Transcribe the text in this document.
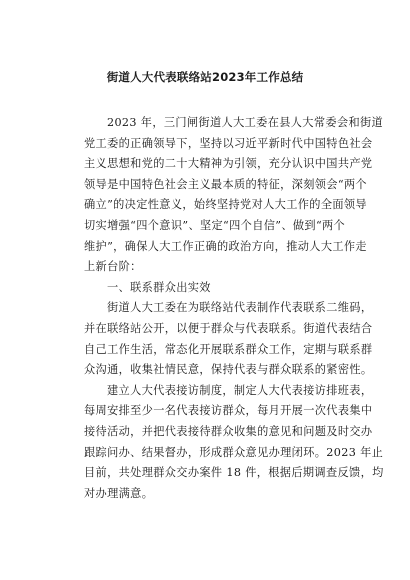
街道人大代表联络站2023年工作总结
2023 年，三门闸街道人大工委在县人大常委会和街道
党工委的正确领导下，坚持以习近平新时代中国特色社会
主义思想和党的二十大精神为引领，充分认识中国共产党
领导是中国特色社会主义最本质的特征，深刻领会“两个
确立”的决定性意义，始终坚持党对人大工作的全面领导
切实增强“四个意识”、坚定“四个自信”、做到“两个
维护”，确保人大工作正确的政治方向，推动人大工作走
上新台阶：
一、联系群众出实效
街道人大工委在为联络站代表制作代表联系二维码，
并在联络站公开，以便于群众与代表联系。街道代表结合
自己工作生活，常态化开展联系群众工作，定期与联系群
众沟通，收集社情民意，保持代表与群众联系的紧密性。
建立人大代表接访制度，制定人大代表接访排班表，
每周安排至少一名代表接访群众，每月开展一次代表集中
接待活动，并把代表接待群众收集的意见和问题及时交办
跟踪问办、结果督办，形成群众意见办理闭环。2023 年止
目前，共处理群众交办案件 18 件，根据后期调查反馈，均
对办理满意。
